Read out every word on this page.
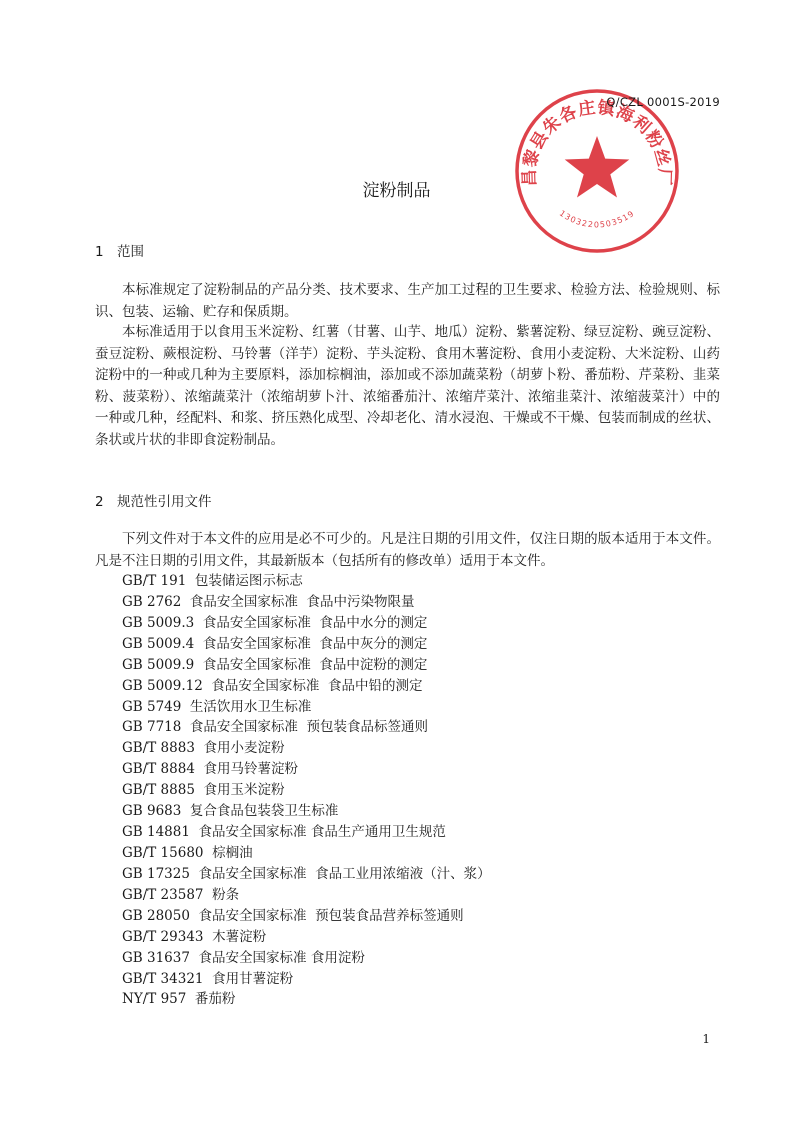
昌黎县朱各庄镇海利粉丝厂
1303220503519
Q/CZL 0001S-2019
淀粉制品
1 范围
本标准规定了淀粉制品的产品分类、技术要求、生产加工过程的卫生要求、检验方法、检验规则、标识、包装、运输、贮存和保质期。
本标准适用于以食用玉米淀粉、红薯（甘薯、山芋、地瓜）淀粉、紫薯淀粉、绿豆淀粉、豌豆淀粉、蚕豆淀粉、蕨根淀粉、马铃薯（洋芋）淀粉、芋头淀粉、食用木薯淀粉、食用小麦淀粉、大米淀粉、山药淀粉中的一种或几种为主要原料，添加棕榈油，添加或不添加蔬菜粉（胡萝卜粉、番茄粉、芹菜粉、韭菜粉、菠菜粉）、浓缩蔬菜汁（浓缩胡萝卜汁、浓缩番茄汁、浓缩芹菜汁、浓缩韭菜汁、浓缩菠菜汁）中的一种或几种，经配料、和浆、挤压熟化成型、冷却老化、清水浸泡、干燥或不干燥、包装而制成的丝状、条状或片状的非即食淀粉制品。
2 规范性引用文件
下列文件对于本文件的应用是必不可少的。凡是注日期的引用文件，仅注日期的版本适用于本文件。凡是不注日期的引用文件，其最新版本（包括所有的修改单）适用于本文件。
GB/T 191  包装储运图示标志
GB 2762  食品安全国家标准  食品中污染物限量
GB 5009.3  食品安全国家标准  食品中水分的测定
GB 5009.4  食品安全国家标准  食品中灰分的测定
GB 5009.9  食品安全国家标准  食品中淀粉的测定
GB 5009.12  食品安全国家标准  食品中铅的测定
GB 5749  生活饮用水卫生标准
GB 7718  食品安全国家标准  预包装食品标签通则
GB/T 8883  食用小麦淀粉
GB/T 8884  食用马铃薯淀粉
GB/T 8885  食用玉米淀粉
GB 9683  复合食品包装袋卫生标准
GB 14881  食品安全国家标准 食品生产通用卫生规范
GB/T 15680  棕榈油
GB 17325  食品安全国家标准  食品工业用浓缩液（汁、浆）
GB/T 23587  粉条
GB 28050  食品安全国家标准  预包装食品营养标签通则
GB/T 29343  木薯淀粉
GB 31637  食品安全国家标准 食用淀粉
GB/T 34321  食用甘薯淀粉
NY/T 957  番茄粉
1
